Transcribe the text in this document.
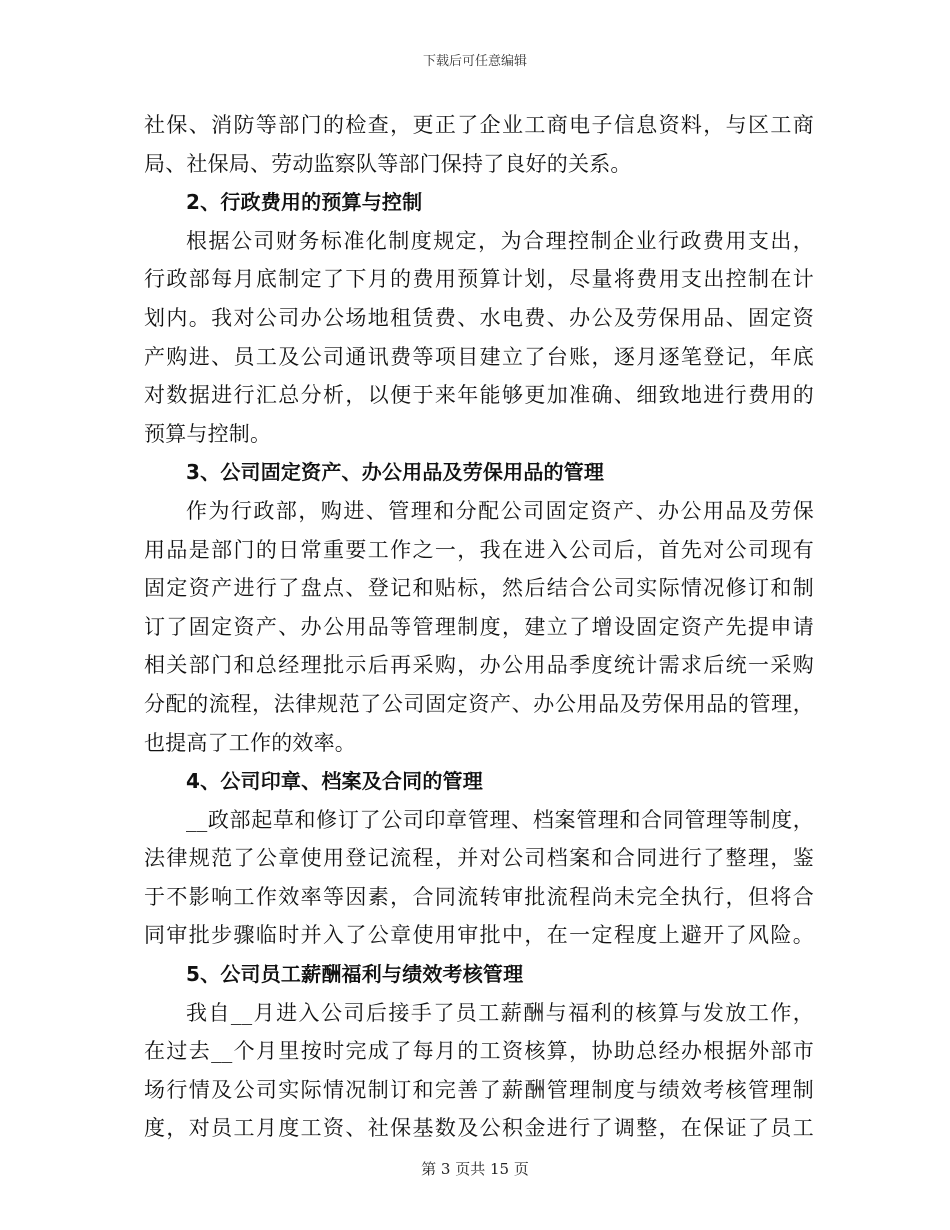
下载后可任意编辑
社保、消防等部门的检查，更正了企业工商电子信息资料，与区工商
局、社保局、劳动监察队等部门保持了良好的关系。
2、行政费用的预算与控制
根据公司财务标准化制度规定，为合理控制企业行政费用支出，
行政部每月底制定了下月的费用预算计划，尽量将费用支出控制在计
划内。我对公司办公场地租赁费、水电费、办公及劳保用品、固定资
产购进、员工及公司通讯费等项目建立了台账，逐月逐笔登记，年底
对数据进行汇总分析，以便于来年能够更加准确、细致地进行费用的
预算与控制。
3、公司固定资产、办公用品及劳保用品的管理
作为行政部，购进、管理和分配公司固定资产、办公用品及劳保
用品是部门的日常重要工作之一，我在进入公司后，首先对公司现有
固定资产进行了盘点、登记和贴标，然后结合公司实际情况修订和制
订了固定资产、办公用品等管理制度，建立了增设固定资产先提申请
相关部门和总经理批示后再采购，办公用品季度统计需求后统一采购
分配的流程，法律规范了公司固定资产、办公用品及劳保用品的管理，
也提高了工作的效率。
4、公司印章、档案及合同的管理
__政部起草和修订了公司印章管理、档案管理和合同管理等制度，
法律规范了公章使用登记流程，并对公司档案和合同进行了整理，鉴
于不影响工作效率等因素，合同流转审批流程尚未完全执行，但将合
同审批步骤临时并入了公章使用审批中，在一定程度上避开了风险。
5、公司员工薪酬福利与绩效考核管理
我自__月进入公司后接手了员工薪酬与福利的核算与发放工作，
在过去__个月里按时完成了每月的工资核算，协助总经办根据外部市
场行情及公司实际情况制订和完善了薪酬管理制度与绩效考核管理制
度，对员工月度工资、社保基数及公积金进行了调整，在保证了员工
第 3 页共 15 页
